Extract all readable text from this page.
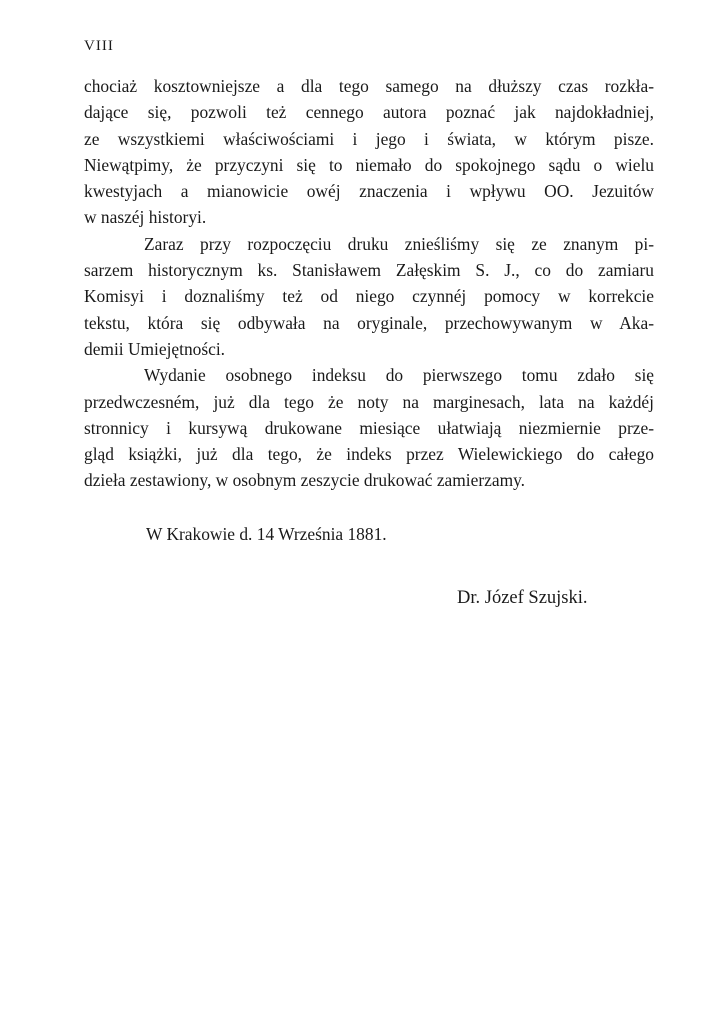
VIII
chociaż kosztowniejsze a dla tego samego na dłuższy czas rozkła-
dające się, pozwoli też cennego autora poznać jak najdokładniej,
ze wszystkiemi właściwościami i jego i świata, w którym pisze.
Niewątpimy, że przyczyni się to niemało do spokojnego sądu o wielu
kwestyjach a mianowicie owéj znaczenia i wpływu OO. Jezuitów
w naszéj historyi.
Zaraz przy rozpoczęciu druku znieśliśmy się ze znanym pi-
sarzem historycznym ks. Stanisławem Załęskim S. J., co do zamiaru
Komisyi i doznaliśmy też od niego czynnéj pomocy w korrekcie
tekstu, która się odbywała na oryginale, przechowywanym w Aka-
demii Umiejętności.
Wydanie osobnego indeksu do pierwszego tomu zdało się
przedwczesném, już dla tego że noty na marginesach, lata na każdéj
stronnicy i kursywą drukowane miesiące ułatwiają niezmiernie prze-
gląd książki, już dla tego, że indeks przez Wielewickiego do całego
dzieła zestawiony, w osobnym zeszycie drukować zamierzamy.
W Krakowie d. 14 Września 1881.
Dr. Józef Szujski.
